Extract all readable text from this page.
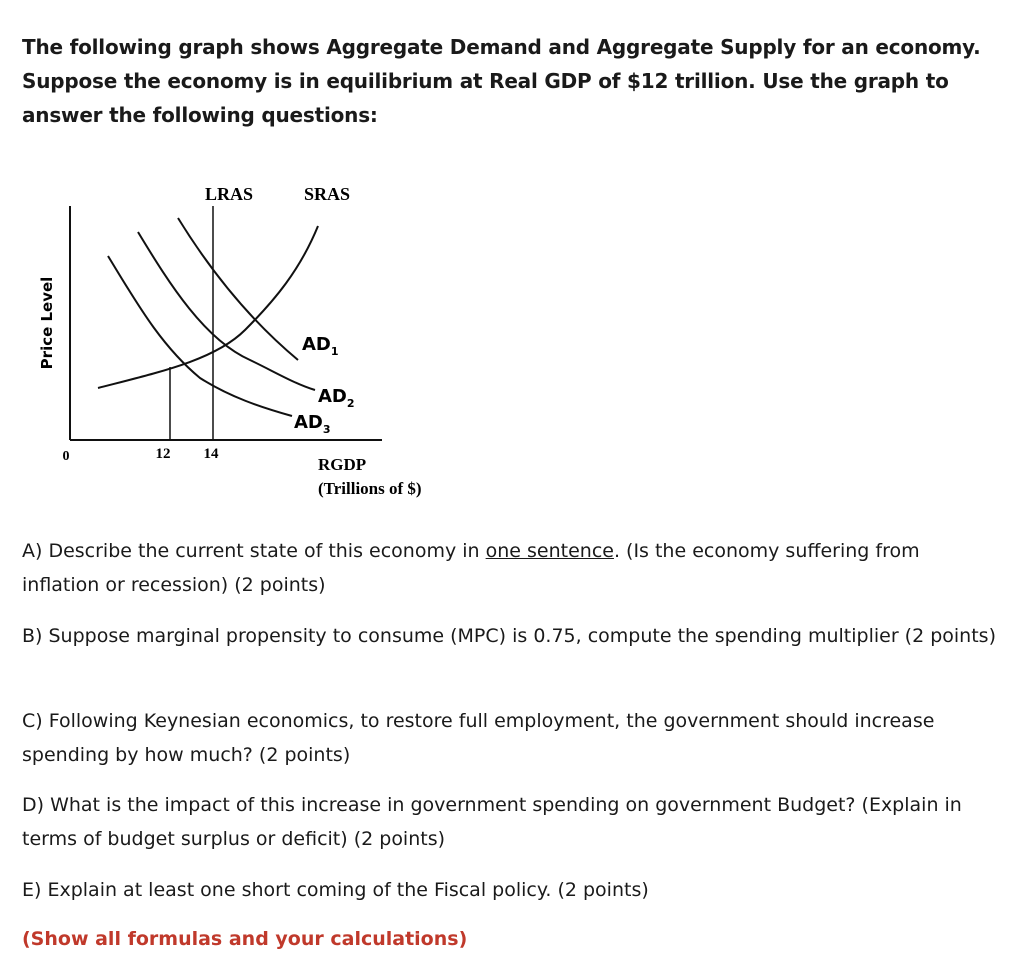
The following graph shows Aggregate Demand and Aggregate Supply for an economy. Suppose the economy is in equilibrium at Real GDP of $12 trillion. Use the graph to answer the following questions:
Price Level
0	12 14
RGDP
(Trillions of $)
LRAS	SRAS
$AD_1$
$AD_2$
$AD_3$
A) Describe the current state of this economy in one sentence. (Is the economy suffering from inflation or recession) (2 points)
B) Suppose marginal propensity to consume (MPC) is 0.75, compute the spending multiplier (2 points)
C) Following Keynesian economics, to restore full employment, the government should increase spending by how much? (2 points)
D) What is the impact of this increase in government spending on government Budget? (Explain in terms of budget surplus or deficit) (2 points)
E) Explain at least one short coming of the Fiscal policy. (2 points)
(Show all formulas and your calculations)
